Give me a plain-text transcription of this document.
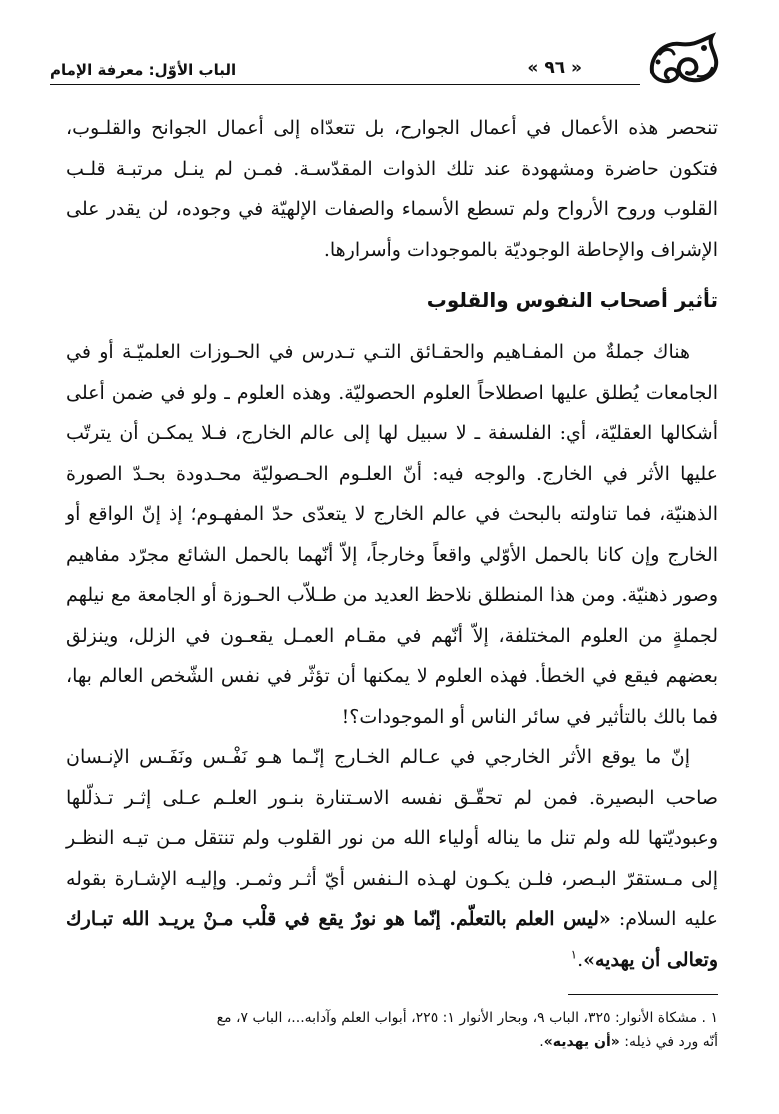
« ٩٦ »
الباب الأوّل: معرفة الإمام

تنحصر هذه الأعمال في أعمال الجوارح، بل تتعدّاه إلى أعمال الجوانح والقلـوب، فتكون حاضرة ومشهودة عند تلك الذوات المقدّسـة. فمـن لم ينـل مرتبـة قلـب القلوب وروح الأرواح ولم تسطع الأسماء والصفات الإلهيّة في وجوده، لن يقدر على الإشراف والإحاطة الوجوديّة بالموجودات وأسرارها.

تأثير أصحاب النفوس والقلوب

هناك جملةٌ من المفـاهيم والحقـائق التـي تـدرس في الحـوزات العلميّـة أو في الجامعات يُطلق عليها اصطلاحاً العلوم الحصوليّة. وهذه العلوم ـ ولو في ضمن أعلى أشكالها العقليّة، أي: الفلسفة ـ لا سبيل لها إلى عالم الخارج، فـلا يمكـن أن يترتّب عليها الأثر في الخارج. والوجه فيه: أنّ العلـوم الحـصوليّة محـدودة بحـدّ الصورة الذهنيّة، فما تناولته بالبحث في عالم الخارج لا يتعدّى حدّ المفهـوم؛ إذ إنّ الواقع أو الخارج وإن كانا بالحمل الأوّلي واقعاً وخارجاً، إلاّ أنّهما بالحمل الشائع مجرّد مفاهيم وصور ذهنيّة. ومن هذا المنطلق نلاحظ العديد من طـلاّب الحـوزة أو الجامعة مع نيلهم لجملةٍ من العلوم المختلفة، إلاّ أنّهم في مقـام العمـل يقعـون في الزلل، وينزلق بعضهم فيقع في الخطأ. فهذه العلوم لا يمكنها أن تؤثّر في نفس الشّخص العالم بها، فما بالك بالتأثير في سائر الناس أو الموجودات؟!

إنّ ما يوقع الأثر الخارجي في عـالم الخـارج إنّـما هـو نَفْـس ونَفَـس الإنـسان صاحب البصيرة. فمن لم تحقّـق نفسه الاسـتنارة بنـور العلـم عـلى إثـر تـذلّلها وعبوديّتها لله ولم تنل ما يناله أولياء الله من نور القلوب ولم تنتقل مـن تيـه النظـر إلى مـستقرّ البـصر، فلـن يكـون لهـذه الـنفس أيّ أثـر وثمـر. وإليـه الإشـارة بقوله عليه السلام: «ليس العلم بالتعلّم. إنّما هو نورٌ يقع في قلْب مـنْ يريـد الله تبـارك وتعالى أن يهديه».$^١$

١ . مشكاة الأنوار: ٣٢٥، الباب ٩، وبحار الأنوار ١: ٢٢٥، أبواب العلم وآدابه...، الباب ٧، مع

أنّه ورد في ذيله: «أن يهديه».
